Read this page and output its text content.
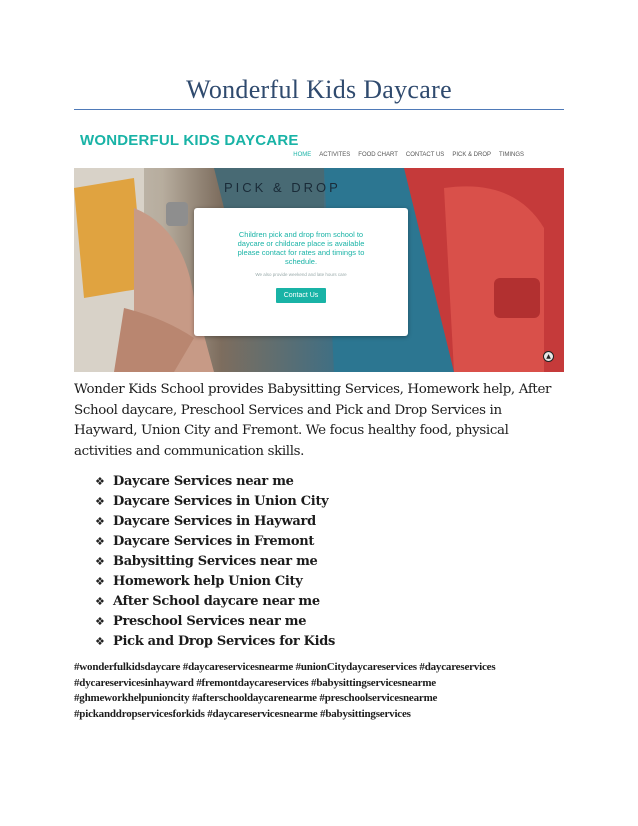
Wonderful Kids Daycare
WONDERFUL KIDS DAYCARE
HOME ACTIVITES FOOD CHART CONTACT US PICK & DROP TIMINGS
PICK & DROP
Children pick and drop from school to daycare or childcare place is available please contact for rates and timings to schedule.
We also provide weekend and late hours care
Contact Us
▲

Wonder Kids School provides Babysitting Services, Homework help, After School daycare, Preschool Services and Pick and Drop Services in Hayward, Union City and Fremont. We focus healthy food, physical activities and communication skills.

❖ Daycare Services near me
❖ Daycare Services in Union City
❖ Daycare Services in Hayward
❖ Daycare Services in Fremont
❖ Babysitting Services near me
❖ Homework help Union City
❖ After School daycare near me
❖ Preschool Services near me
❖ Pick and Drop Services for Kids
#wonderfulkidsdaycare #daycareservicesnearme #unionCitydaycareservices #daycareservices #dycareservicesinhayward #fremontdaycareservices #babysittingservicesnearme #ghmeworkhelpunioncity #afterschooldaycarenearme #preschoolservicesnearme #pickanddropservicesforkids #daycareservicesnearme #babysittingservices
